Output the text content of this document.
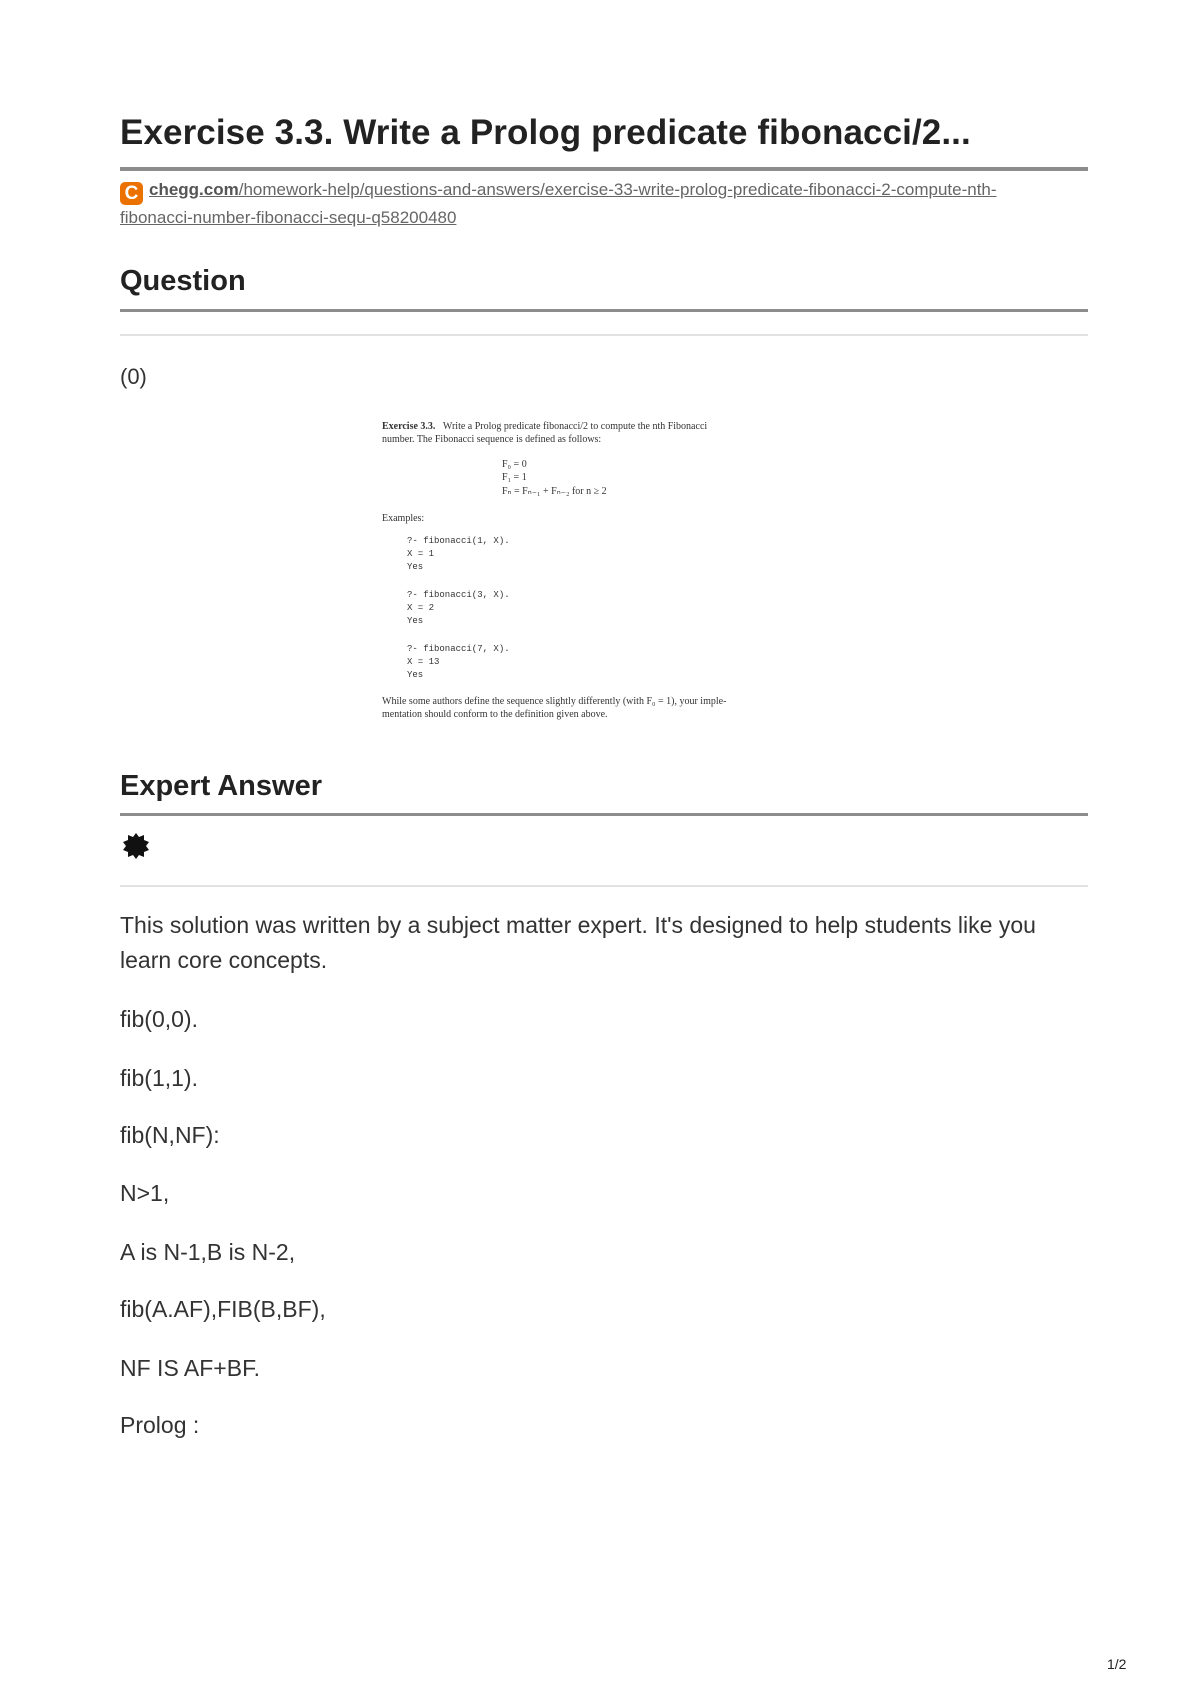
Exercise 3.3. Write a Prolog predicate fibonacci/2...
C chegg.com/homework-help/questions-and-answers/exercise-33-write-prolog-predicate-fibonacci-2-compute-nth-
fibonacci-number-fibonacci-sequ-q58200480
Question
(0)
Exercise 3.3. Write a Prolog predicate fibonacci/2 to compute the nth Fibonacci
number. The Fibonacci sequence is defined as follows:
F₀ = 0
F₁ = 1
Fₙ = Fₙ₋₁ + Fₙ₋₂ for n ≥ 2
Examples:
?- fibonacci(1, X).
X = 1
Yes
?- fibonacci(3, X).
X = 2
Yes
?- fibonacci(7, X).
X = 13
Yes
While some authors define the sequence slightly differently (with F₀ = 1), your imple-
mentation should conform to the definition given above.
Expert Answer
This solution was written by a subject matter expert. It's designed to help students like you learn core concepts.
fib(0,0).
fib(1,1).
fib(N,NF):
N>1,
A is N-1,B is N-2,
fib(A.AF),FIB(B,BF),
NF IS AF+BF.
Prolog :
1/2
